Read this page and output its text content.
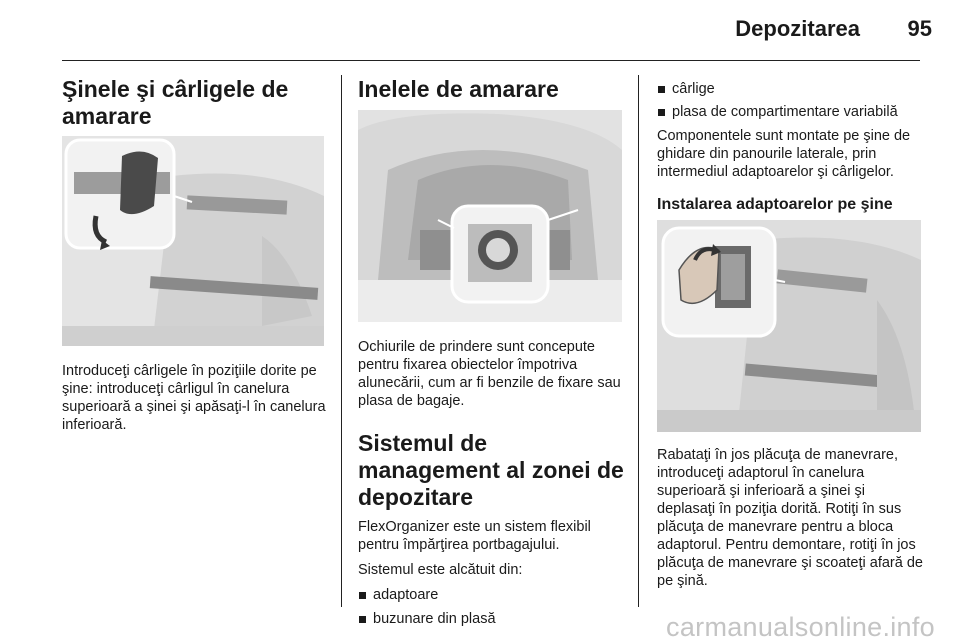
Depozitarea	95
Şinele şi cârligele de amarare

Introduceţi cârligele în poziţiile dorite pe şine: introduceţi cârligul în canelura superioară a şinei şi apăsaţi-l în canelura inferioară.

Inelele de amarare

Ochiurile de prindere sunt concepute pentru fixarea obiectelor împotriva alunecării, cum ar fi benzile de fixare sau plasa de bagaje.

Sistemul de management al zonei de depozitare

FlexOrganizer este un sistem flexibil pentru împărţirea portbagajului.

Sistemul este alcătuit din:

adaptoare
buzunare din plasă
cârlige
plasa de compartimentare variabilă

Componentele sunt montate pe şine de ghidare din panourile laterale, prin intermediul adaptoarelor şi cârligelor.

Instalarea adaptoarelor pe şine

Rabataţi în jos plăcuţa de manevrare, introduceţi adaptorul în canelura superioară şi inferioară a şinei şi deplasaţi în poziţia dorită. Rotiţi în sus plăcuţa de manevrare pentru a bloca adaptorul. Pentru demontare, rotiţi în jos plăcuţa de manevrare şi scoateţi afară de pe şină.

carmanualsonline.info
